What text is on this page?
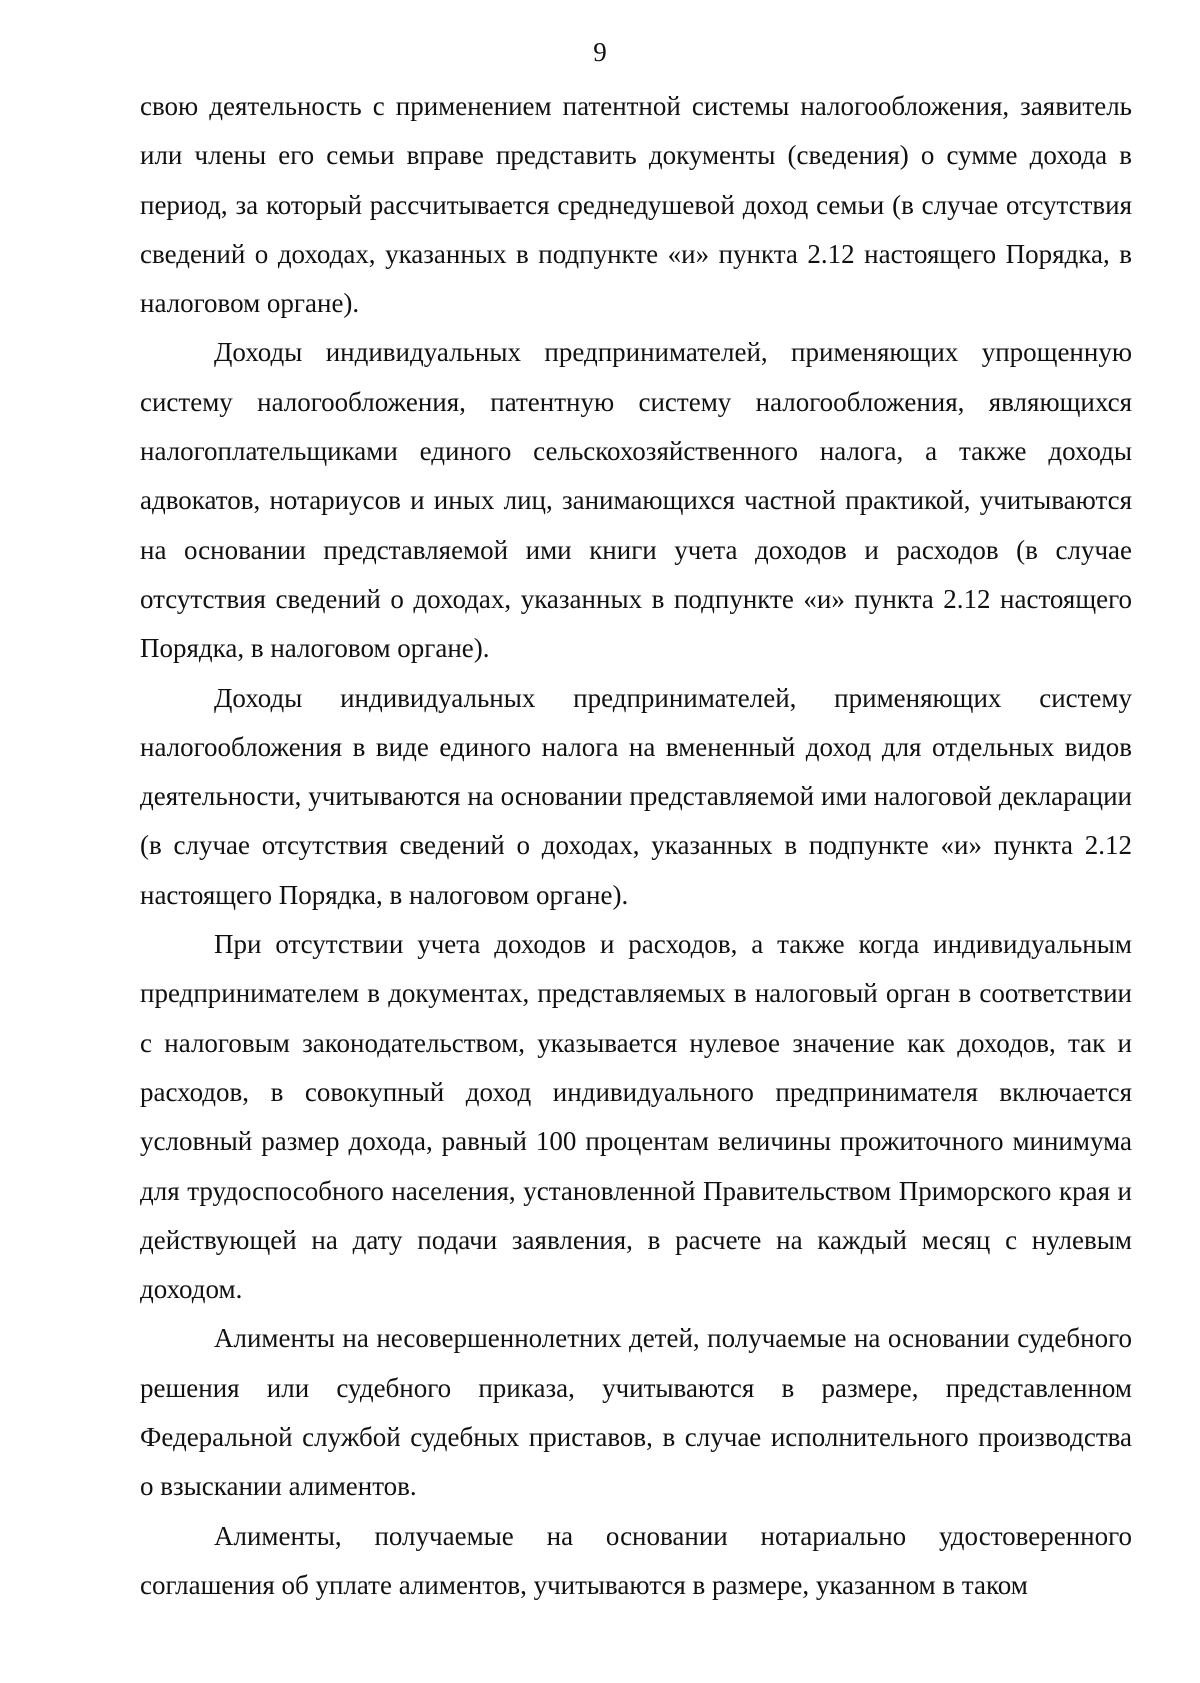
9

свою деятельность с применением патентной системы налогообложения, заявитель или члены его семьи вправе представить документы (сведения) о сумме дохода в период, за который рассчитывается среднедушевой доход семьи (в случае отсутствия сведений о доходах, указанных в подпункте «и» пункта 2.12 настоящего Порядка, в налоговом органе).

Доходы индивидуальных предпринимателей, применяющих упрощенную систему налогообложения, патентную систему налогообложения, являющихся налогоплательщиками единого сельскохозяйственного налога, а также доходы адвокатов, нотариусов и иных лиц, занимающихся частной практикой, учитываются на основании представляемой ими книги учета доходов и расходов (в случае отсутствия сведений о доходах, указанных в подпункте «и» пункта 2.12 настоящего Порядка, в налоговом органе).

Доходы индивидуальных предпринимателей, применяющих систему налогообложения в виде единого налога на вмененный доход для отдельных видов деятельности, учитываются на основании представляемой ими налоговой декларации (в случае отсутствия сведений о доходах, указанных в подпункте «и» пункта 2.12 настоящего Порядка, в налоговом органе).

При отсутствии учета доходов и расходов, а также когда индивидуальным предпринимателем в документах, представляемых в налоговый орган в соответствии с налоговым законодательством, указывается нулевое значение как доходов, так и расходов, в совокупный доход индивидуального предпринимателя включается условный размер дохода, равный 100 процентам величины прожиточного минимума для трудоспособного населения, установленной Правительством Приморского края и действующей на дату подачи заявления, в расчете на каждый месяц с нулевым доходом.

Алименты на несовершеннолетних детей, получаемые на основании судебного решения или судебного приказа, учитываются в размере, представленном Федеральной службой судебных приставов, в случае исполнительного производства о взыскании алиментов.

Алименты, получаемые на основании нотариально удостоверенного соглашения об уплате алиментов, учитываются в размере, указанном в таком
